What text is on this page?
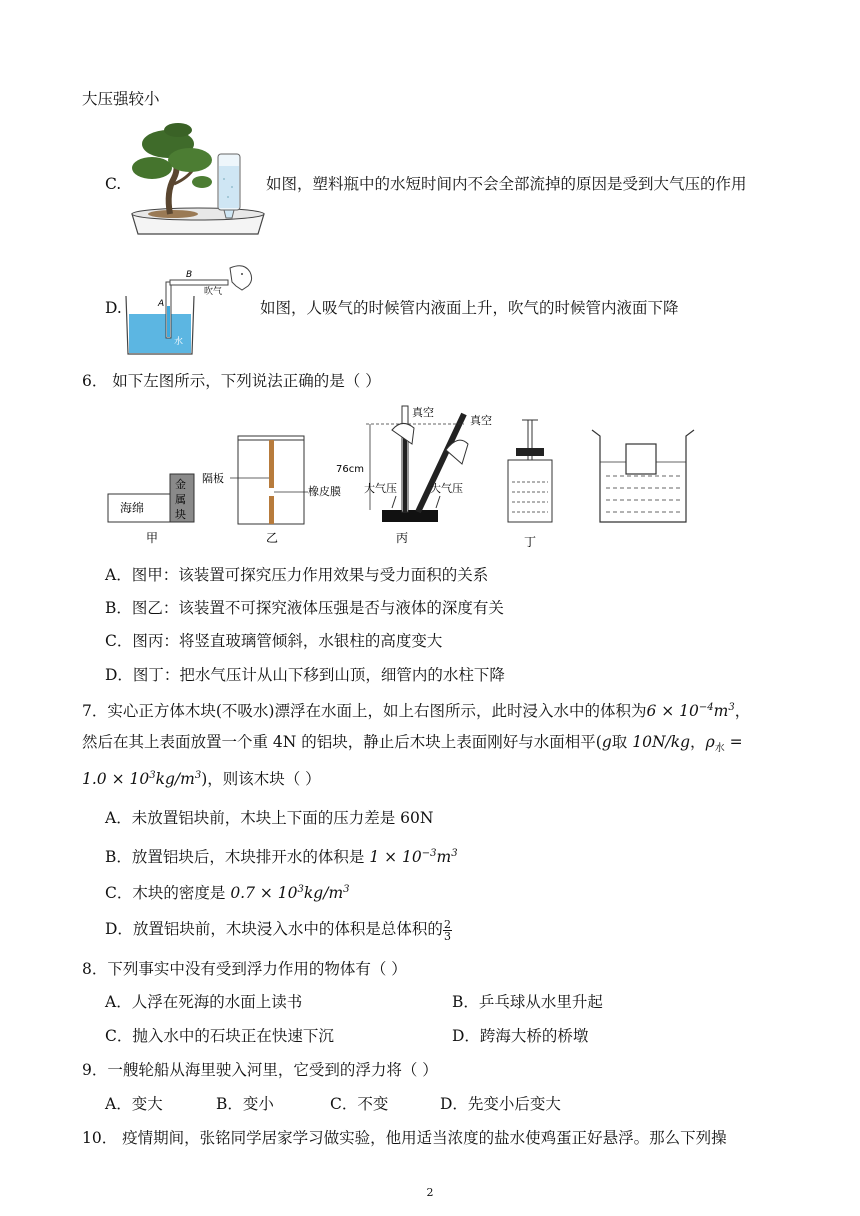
大压强较小
C.	如图，塑料瓶中的水短时间内不会全部流掉的原因是受到大气压的作用
D.
B
A
吹气
水
如图，人吸气的时候管内液面上升，吹气的时候管内液面下降
6． 如下左图所示，下列说法正确的是（ ）
海绵
金
属
块
甲
隔板
橡皮膜
乙
76cm
真空
真空
大气压	大气压
丙	丁
A．图甲：该装置可探究压力作用效果与受力面积的关系
B．图乙：该装置不可探究液体压强是否与液体的深度有关
C．图丙：将竖直玻璃管倾斜，水银柱的高度变大
D．图丁：把水气压计从山下移到山顶，细管内的水柱下降
7．实心正方体木块(不吸水)漂浮在水面上，如上右图所示，此时浸入水中的体积为$6 \times 10^{-4}m^3$，
然后在其上表面放置一个重 4N 的铝块，静止后木块上表面刚好与水面相平(g取 10N/kg，$\rho_水$ =
$1.0 \times 10^3kg/m^3$)，则该木块（ ）
A．未放置铝块前，木块上下面的压力差是 60N
B．放置铝块后，木块排开水的体积是 $1 \times 10^{-3}m^3$
C．木块的密度是 $0.7 \times 10^3kg/m^3$
D．放置铝块前，木块浸入水中的体积是总体积的 $\frac{2}{3}$
8．下列事实中没有受到浮力作用的物体有（ ）
A．人浮在死海的水面上读书	B．乒乓球从水里升起
C．抛入水中的石块正在快速下沉	D．跨海大桥的桥墩
9．一艘轮船从海里驶入河里，它受到的浮力将（ ）
A．变大	B．变小	C．不变	D．先变小后变大
10． 疫情期间，张铭同学居家学习做实验，他用适当浓度的盐水使鸡蛋正好悬浮。那么下列操
2
